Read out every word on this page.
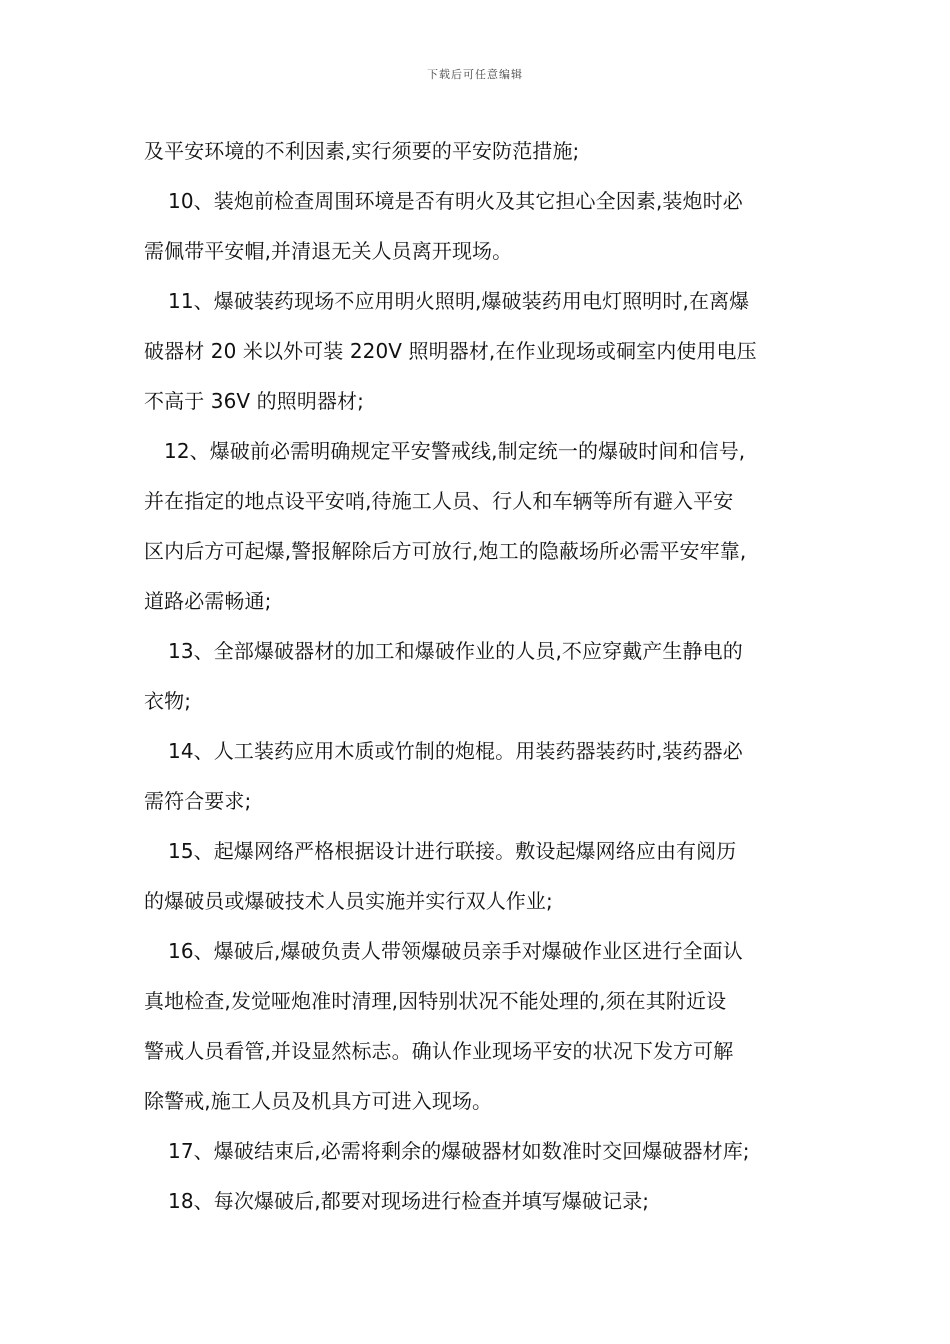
下载后可任意编辑
及平安环境的不利因素,实行须要的平安防范措施;
10、装炮前检查周围环境是否有明火及其它担心全因素,装炮时必
需佩带平安帽,并清退无关人员离开现场。
11、爆破装药现场不应用明火照明,爆破装药用电灯照明时,在离爆
破器材 20 米以外可装 220V 照明器材,在作业现场或硐室内使用电压
不高于 36V 的照明器材;
12、爆破前必需明确规定平安警戒线,制定统一的爆破时间和信号,
并在指定的地点设平安哨,待施工人员、行人和车辆等所有避入平安
区内后方可起爆,警报解除后方可放行,炮工的隐蔽场所必需平安牢靠,
道路必需畅通;
13、全部爆破器材的加工和爆破作业的人员,不应穿戴产生静电的
衣物;
14、人工装药应用木质或竹制的炮棍。用装药器装药时,装药器必
需符合要求;
15、起爆网络严格根据设计进行联接。敷设起爆网络应由有阅历
的爆破员或爆破技术人员实施并实行双人作业;
16、爆破后,爆破负责人带领爆破员亲手对爆破作业区进行全面认
真地检查,发觉哑炮准时清理,因特别状况不能处理的,须在其附近设
警戒人员看管,并设显然标志。确认作业现场平安的状况下发方可解
除警戒,施工人员及机具方可进入现场。
17、爆破结束后,必需将剩余的爆破器材如数准时交回爆破器材库;
18、每次爆破后,都要对现场进行检查并填写爆破记录;
